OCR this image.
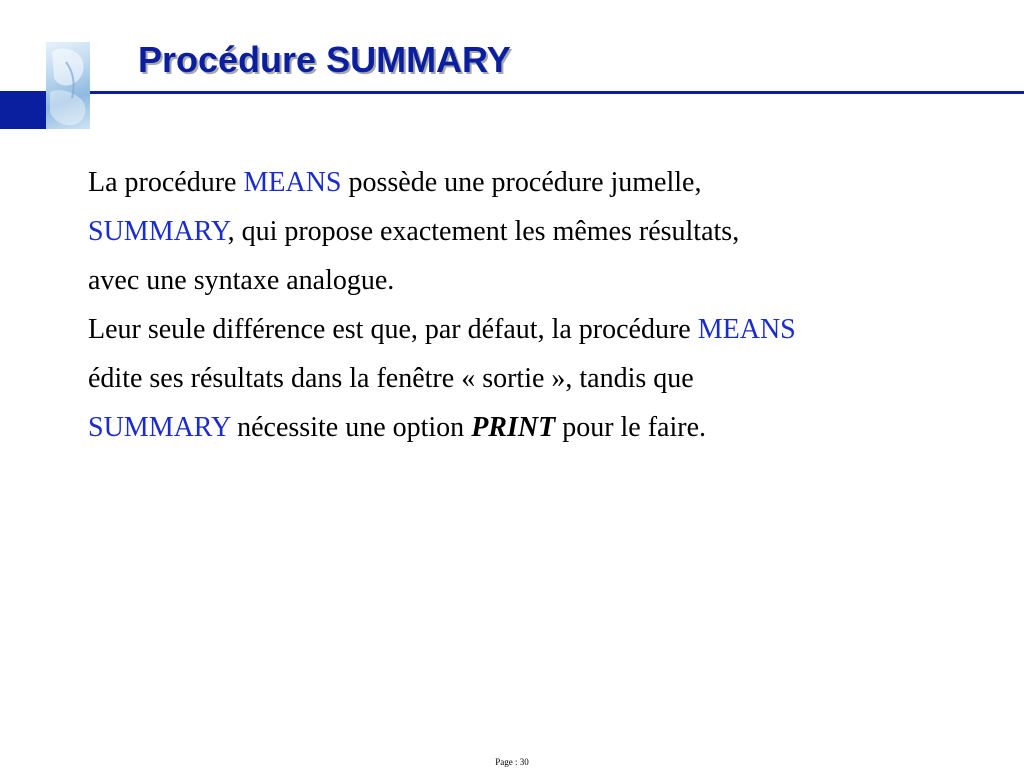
Procédure SUMMARY
La procédure MEANS possède une procédure jumelle,
SUMMARY, qui propose exactement les mêmes résultats,
avec une syntaxe analogue.
Leur seule différence est que, par défaut, la procédure MEANS
édite ses résultats dans la fenêtre « sortie », tandis que
SUMMARY nécessite une option PRINT pour le faire.
Page : 30
